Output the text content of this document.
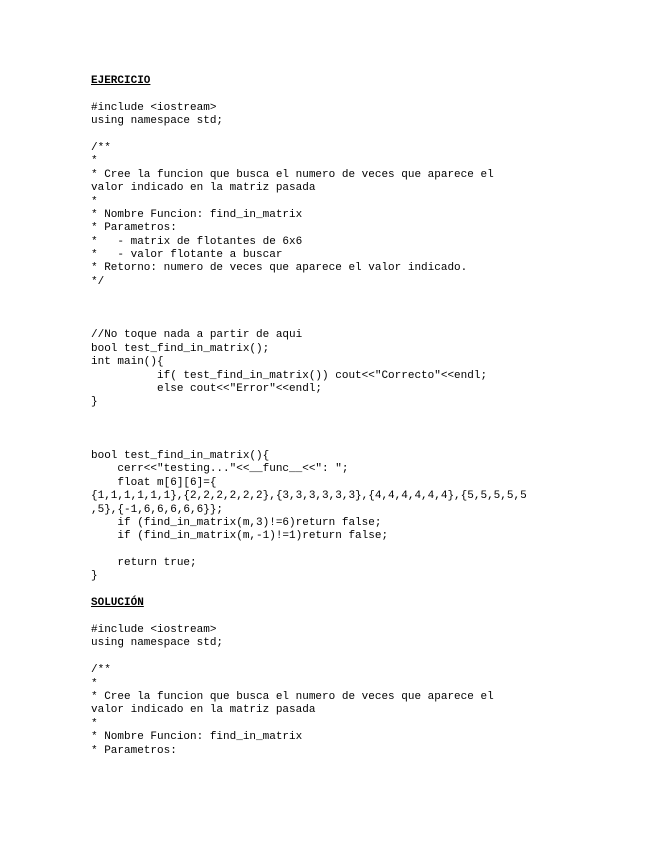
EJERCICIO
#include <iostream>
using namespace std;
/**
*
* Cree la funcion que busca el numero de veces que aparece el
valor indicado en la matriz pasada
*
* Nombre Funcion: find_in_matrix
* Parametros:
*   - matrix de flotantes de 6x6
*   - valor flotante a buscar
* Retorno: numero de veces que aparece el valor indicado.
*/
//No toque nada a partir de aqui
bool test_find_in_matrix();
int main(){
if( test_find_in_matrix()) cout<<"Correcto"<<endl;
else cout<<"Error"<<endl;
}
bool test_find_in_matrix(){
cerr<<"testing..."<<__func__<<": ";
float m[6][6]={
{1,1,1,1,1,1},{2,2,2,2,2,2},{3,3,3,3,3,3},{4,4,4,4,4,4},{5,5,5,5,5
,5},{-1,6,6,6,6,6}};
if (find_in_matrix(m,3)!=6)return false;
if (find_in_matrix(m,-1)!=1)return false;
return true;
}
SOLUCIÓN
#include <iostream>
using namespace std;
/**
*
* Cree la funcion que busca el numero de veces que aparece el
valor indicado en la matriz pasada
*
* Nombre Funcion: find_in_matrix
* Parametros:
